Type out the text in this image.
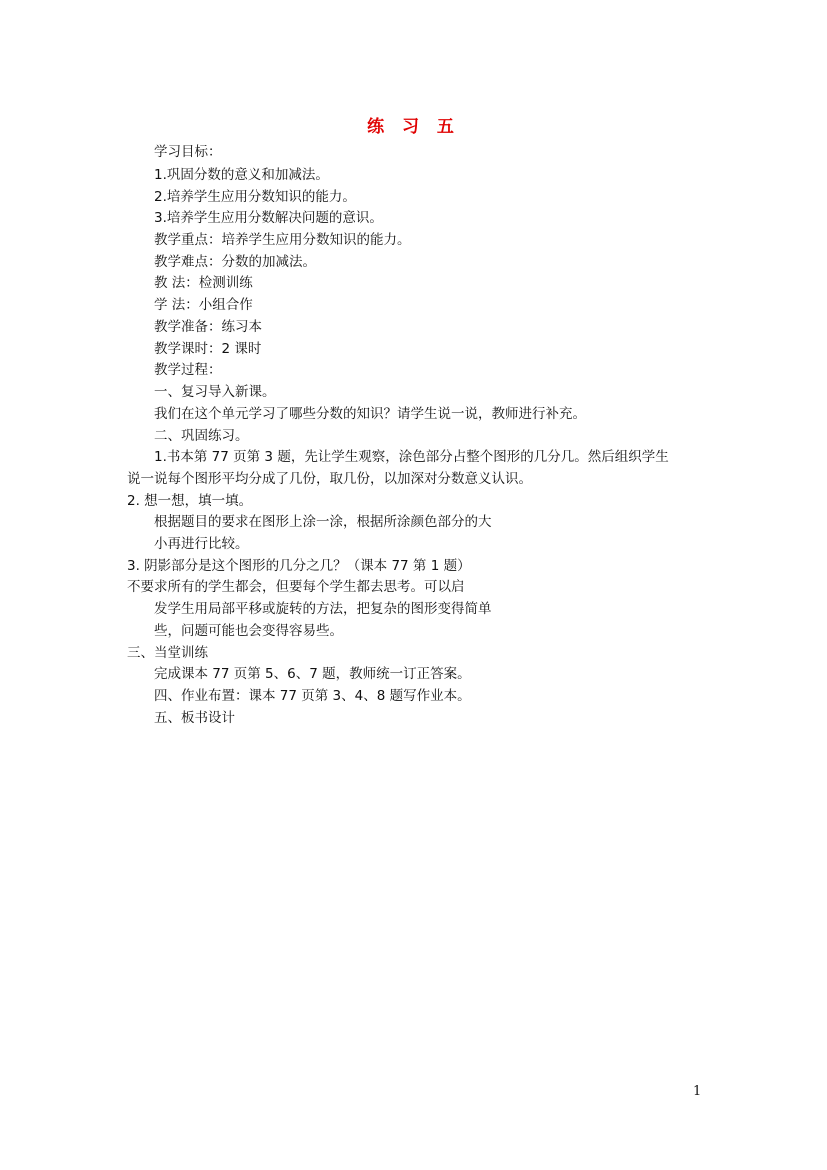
练 习 五
学习目标：
1.巩固分数的意义和加减法。
2.培养学生应用分数知识的能力。
3.培养学生应用分数解决问题的意识。
教学重点：培养学生应用分数知识的能力。
教学难点：分数的加减法。
教 法：检测训练
学 法：小组合作
教学准备：练习本
教学课时：2 课时
教学过程：
一、复习导入新课。
我们在这个单元学习了哪些分数的知识？请学生说一说，教师进行补充。
二、巩固练习。
1.书本第 77 页第 3 题，先让学生观察，涂色部分占整个图形的几分几。然后组织学生
说一说每个图形平均分成了几份，取几份，以加深对分数意义认识。
2. 想一想，填一填。
根据题目的要求在图形上涂一涂，根据所涂颜色部分的大
小再进行比较。
3. 阴影部分是这个图形的几分之几？（课本 77 第 1 题）
不要求所有的学生都会，但要每个学生都去思考。可以启
发学生用局部平移或旋转的方法，把复杂的图形变得简单
些，问题可能也会变得容易些。
三、当堂训练
完成课本 77 页第 5、6、7 题，教师统一订正答案。
四、作业布置：课本 77 页第 3、4、8 题写作业本。
五、板书设计
1
